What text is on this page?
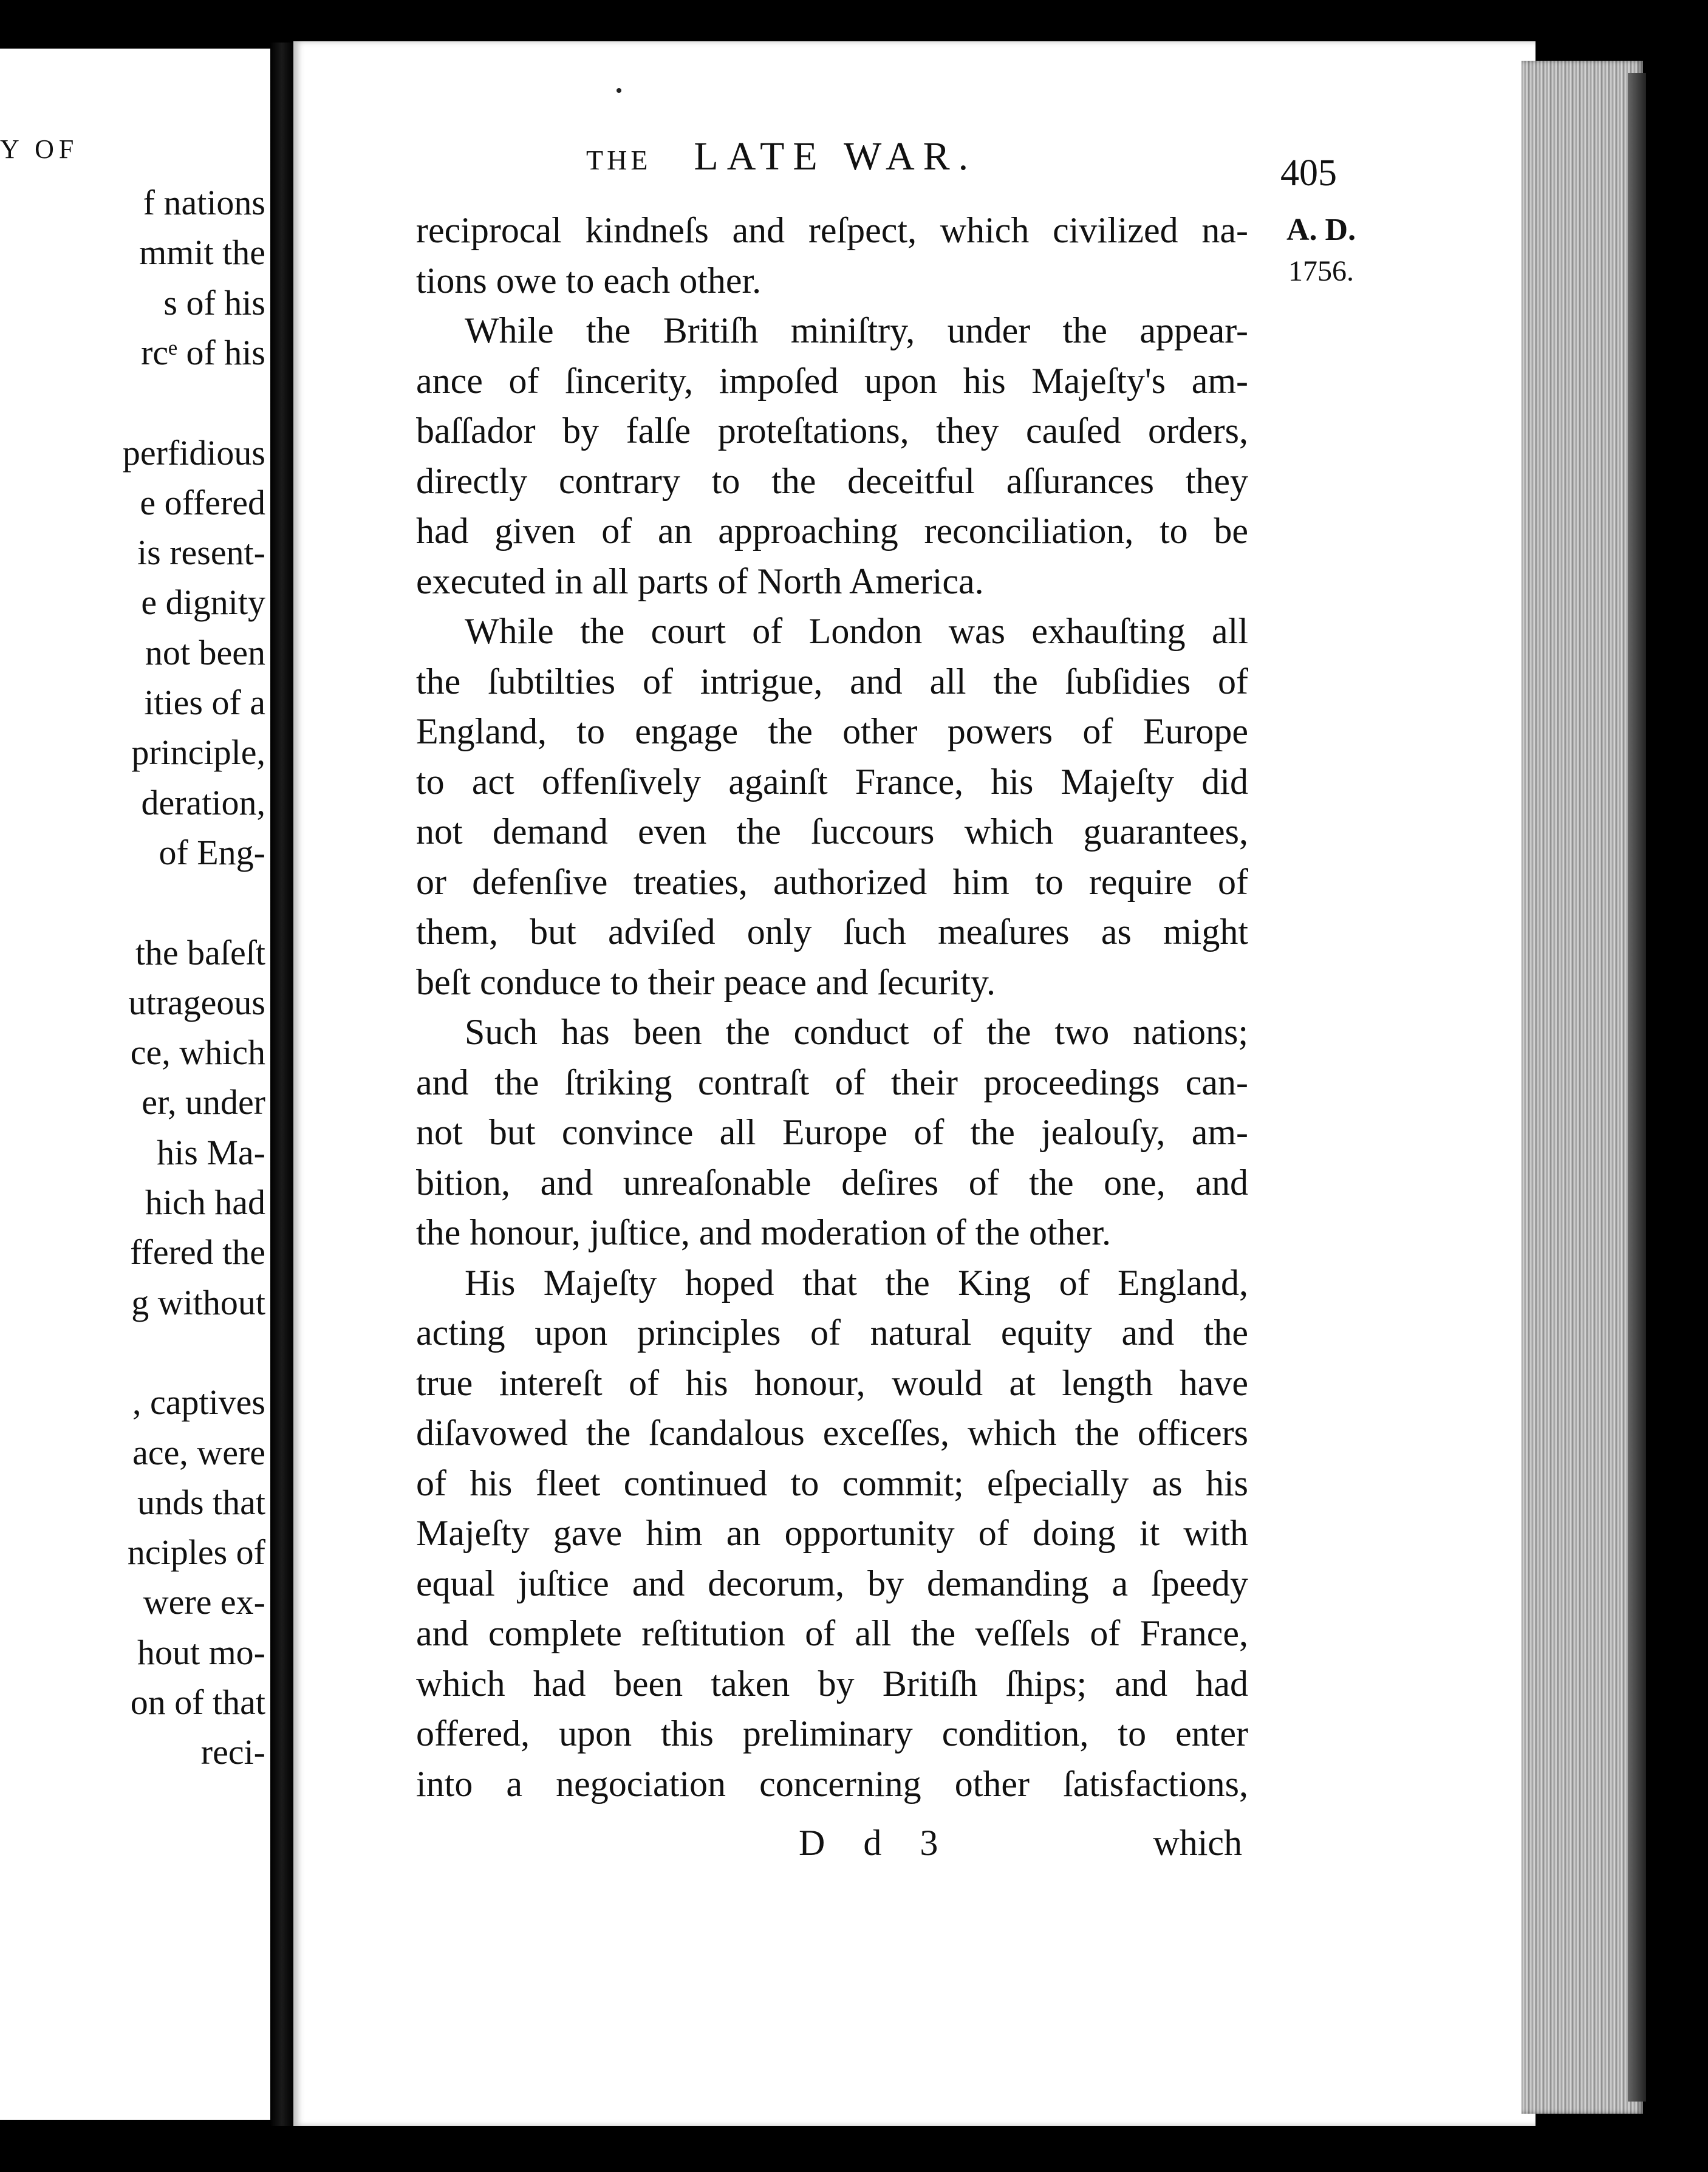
Y OF
f nations
mmit the
s of his
rcᵉ of his
perfidious
e offered
is resent-
e dignity
not been
ities of a
principle,
deration,
of Eng-
the baſeſt
utrageous
ce, which
er, under
his Ma-
hich had
ffered the
g without
, captives
ace, were
unds that
nciples of
were ex-
hout mo-
on of that
reci-
THE LATE WAR.	405
A. D.
1756.
reciprocal kindneſs and reſpect, which civilized na-
tions owe to each other.
While the Britiſh miniſtry, under the appear-
ance of ſincerity, impoſed upon his Majeſty's am-
baſſador by falſe proteſtations, they cauſed orders,
directly contrary to the deceitful aſſurances they
had given of an approaching reconciliation, to be
executed in all parts of North America.
While the court of London was exhauſting all
the ſubtilties of intrigue, and all the ſubſidies of
England, to engage the other powers of Europe
to act offenſively againſt France, his Majeſty did
not demand even the ſuccours which guarantees,
or defenſive treaties, authorized him to require of
them, but adviſed only ſuch meaſures as might
beſt conduce to their peace and ſecurity.
Such has been the conduct of the two nations;
and the ſtriking contraſt of their proceedings can-
not but convince all Europe of the jealouſy, am-
bition, and unreaſonable deſires of the one, and
the honour, juſtice, and moderation of the other.
His Majeſty hoped that the King of England,
acting upon principles of natural equity and the
true intereſt of his honour, would at length have
diſavowed the ſcandalous exceſſes, which the officers
of his fleet continued to commit; eſpecially as his
Majeſty gave him an opportunity of doing it with
equal juſtice and decorum, by demanding a ſpeedy
and complete reſtitution of all the veſſels of France,
which had been taken by Britiſh ſhips; and had
offered, upon this preliminary condition, to enter
into a negociation concerning other ſatisfactions,
D d 3	which
